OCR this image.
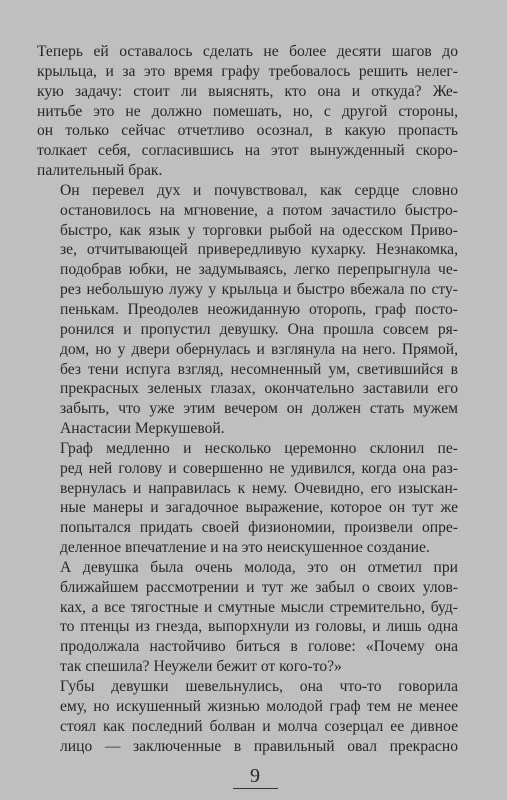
Теперь ей оставалось сделать не более десяти шагов до
крыльца, и за это время графу требовалось решить нелег-
кую задачу: стоит ли выяснять, кто она и откуда? Же-
нитьбе это не должно помешать, но, с другой стороны,
он только сейчас отчетливо осознал, в какую пропасть
толкает себя, согласившись на этот вынужденный скоро-
палительный брак.
Он перевел дух и почувствовал, как сердце словно
остановилось на мгновение, а потом зачастило быстро-
быстро, как язык у торговки рыбой на одесском Приво-
зе, отчитывающей привередливую кухарку. Незнакомка,
подобрав юбки, не задумываясь, легко перепрыгнула че-
рез небольшую лужу у крыльца и быстро вбежала по сту-
пенькам. Преодолев неожиданную оторопь, граф посто-
ронился и пропустил девушку. Она прошла совсем ря-
дом, но у двери обернулась и взглянула на него. Прямой,
без тени испуга взгляд, несомненный ум, светившийся в
прекрасных зеленых глазах, окончательно заставили его
забыть, что уже этим вечером он должен стать мужем
Анастасии Меркушевой.
Граф медленно и несколько церемонно склонил пе-
ред ней голову и совершенно не удивился, когда она раз-
вернулась и направилась к нему. Очевидно, его изыскан-
ные манеры и загадочное выражение, которое он тут же
попытался придать своей физиономии, произвели опре-
деленное впечатление и на это неискушенное создание.
А девушка была очень молода, это он отметил при
ближайшем рассмотрении и тут же забыл о своих улов-
ках, а все тягостные и смутные мысли стремительно, буд-
то птенцы из гнезда, выпорхнули из головы, и лишь одна
продолжала настойчиво биться в голове: «Почему она
так спешила? Неужели бежит от кого-то?»
Губы девушки шевельнулись, она что-то говорила
ему, но искушенный жизнью молодой граф тем не менее
стоял как последний болван и молча созерцал ее дивное
лицо — заключенные в правильный овал прекрасно
9
